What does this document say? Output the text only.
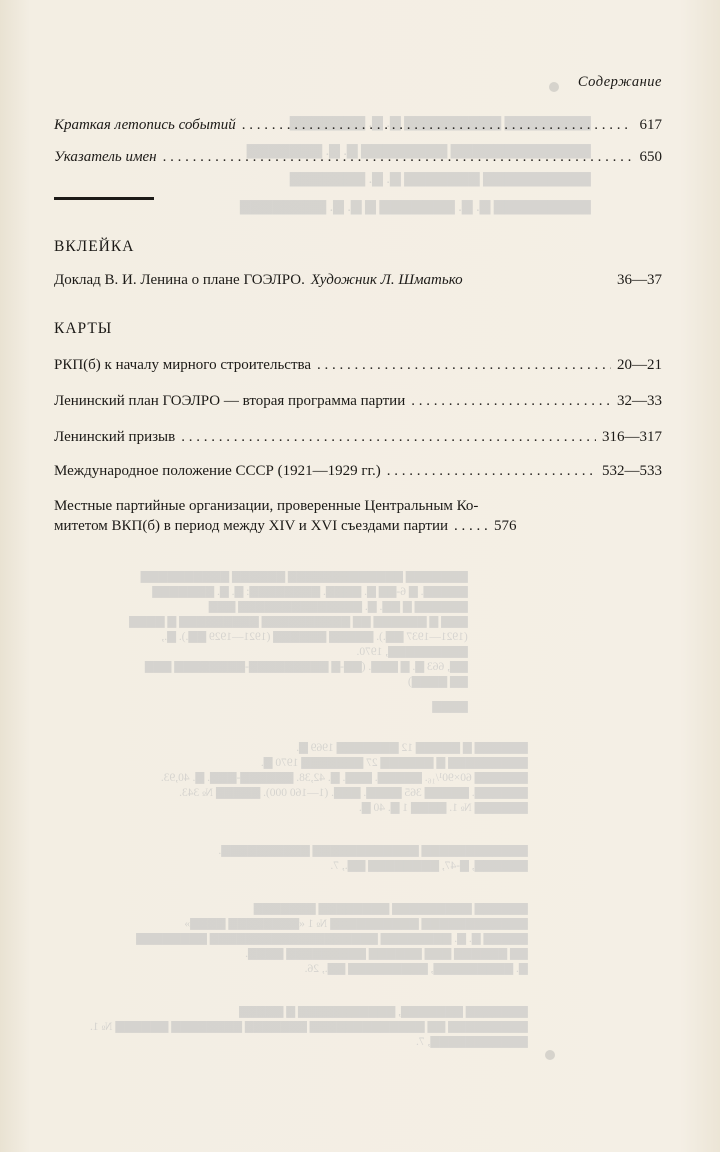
▇▇▇▇▇▇▇▇ ▇▇▇▇▇▇▇▇▇ ▇. ▇. ▇▇▇▇▇▇▇
▇▇▇▇▇▇▇▇▇▇▇▇▇ ▇▇▇▇▇▇▇▇ ▇. ▇. ▇▇▇▇▇▇▇
▇▇▇▇▇▇▇▇▇▇ ▇▇▇▇▇▇▇ ▇. ▇. ▇▇▇▇▇▇▇
▇▇▇▇▇▇▇▇▇ ▇. ▇. ▇▇▇▇▇▇▇ ▇ ▇. ▇. ▇▇▇▇▇▇▇▇
▇▇▇▇▇▇▇ ▇▇▇▇▇▇▇▇▇▇▇▇▇ ▇▇▇▇▇▇ ▇▇▇▇▇▇▇▇▇▇
▇▇▇▇▇. ▇ 6-▇▇ ▇. ▇▇▇▇. ▇▇▇▇▇▇▇▇: ▇. ▇. ▇▇▇▇▇▇▇
▇▇▇▇▇▇ ▇ ▇▇. ▇. ▇▇▇▇▇▇▇▇▇▇▇▇▇▇ ▇▇▇
▇▇▇ ▇ ▇▇▇▇▇▇ ▇▇ ▇▇▇▇▇▇▇▇▇▇ ▇▇▇▇▇▇▇▇▇ ▇ ▇▇▇▇
(1921—1937 ▇▇.). ▇▇▇▇▇ ▇▇▇▇▇▇ (1921—1929 ▇▇.). ▇.,
▇▇▇▇▇▇▇▇▇, 1970.
▇▇, 663 ▇. ▇ ▇▇▇. (▇▇-▇ ▇▇▇▇▇▇▇▇▇-▇▇▇▇▇▇▇▇ ▇▇▇
▇▇ ▇▇▇▇)
▇▇▇▇
▇▇▇▇▇▇ ▇ ▇▇▇▇▇ 12 ▇▇▇▇▇▇▇ 1969 ▇.
▇▇▇▇▇▇▇▇▇ ▇ ▇▇▇▇▇▇ 27 ▇▇▇▇▇▇▇ 1970 ▇.
▇▇▇▇▇▇ 60×90¹/₁₆. ▇▇▇▇▇. ▇▇▇. ▇. 42,38. ▇▇▇▇▇▇-▇▇▇. ▇. 40,93.
▇▇▇▇▇▇. ▇▇▇▇▇ 365 ▇▇▇▇. ▇▇▇. (1—160 000). ▇▇▇▇▇ № 343.
▇▇▇▇▇▇ № 1. ▇▇▇▇ 1 ▇. 40 ▇.
▇▇▇▇▇▇▇▇▇▇▇▇ ▇▇▇▇▇▇▇▇▇▇▇▇ ▇▇▇▇▇▇▇▇▇▇.
▇▇▇▇▇▇, ▇-47, ▇▇▇▇▇▇▇▇ ▇▇., 7.
▇▇▇▇▇▇ ▇▇▇▇▇▇▇▇▇ ▇▇▇▇▇▇▇▇ ▇▇▇▇▇▇▇
▇▇▇▇▇▇▇▇▇▇▇▇ ▇▇▇▇▇▇▇▇▇▇ № 1 «▇▇▇▇▇▇▇▇ ▇▇▇▇»
▇▇▇▇▇ ▇. ▇. ▇▇▇▇▇▇▇▇ ▇▇▇▇▇▇▇▇▇▇▇▇▇▇▇▇▇▇▇ ▇▇▇▇▇▇▇▇
▇▇ ▇▇▇▇▇▇ ▇▇▇ ▇▇▇▇▇▇ ▇▇▇▇▇▇▇▇▇ ▇▇▇▇.
▇. ▇▇▇▇▇▇▇▇▇, ▇▇▇▇▇▇▇▇▇ ▇▇., 26.
▇▇▇▇▇▇▇ ▇▇▇▇▇▇▇, ▇▇▇▇▇▇▇▇▇▇▇ ▇ ▇▇▇▇▇
▇▇▇▇▇▇▇▇▇ ▇▇ ▇▇▇▇▇▇▇▇▇▇▇▇▇ ▇▇▇▇▇▇▇ ▇▇▇▇▇▇▇▇ ▇▇▇▇▇▇ № 1.
▇▇▇▇▇▇▇▇▇▇▇, 7.
Содержание
Краткая летопись событий . . .	617
Указатель имен . . .	650
ВКЛЕЙКА
Доклад В. И. Ленина о плане ГОЭЛРО. Художник Л. Шматько	36—37
КАРТЫ
РКП(б) к началу мирного строительства . . .	20—21
Ленинский план ГОЭЛРО — вторая программа партии . . .	32—33
Ленинский призыв . . .	316—317
Международное положение СССР (1921—1929 гг.) . . .	532—533
Местные партийные организации, проверенные Центральным Ко-
митетом ВКП(б) в период между XIV и XVI съездами партии . . .	576
